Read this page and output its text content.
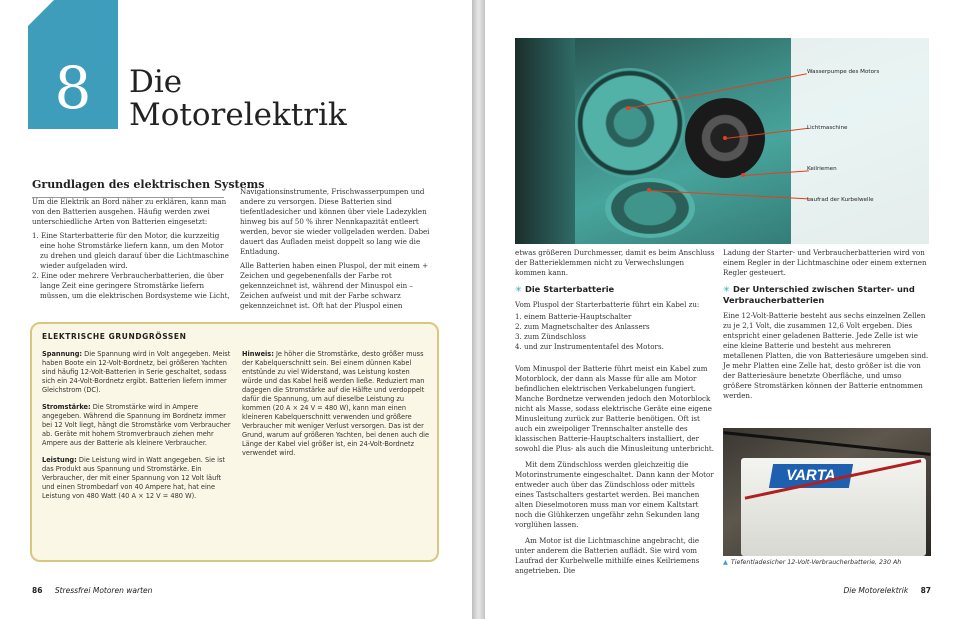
8	Die
Motorelektrik
Grundlagen des elektrischen Systems

Um die Elektrik an Bord näher zu erklären, kann man von den Batterien ausgehen. Häufig werden zwei unterschiedliche Arten von Batterien eingesetzt:

1. Eine Starterbatterie für den Motor, die kurzzeitig eine hohe Stromstärke liefern kann, um den Motor zu drehen und gleich darauf über die Lichtmaschine wieder aufgeladen wird.
2. Eine oder mehrere Verbraucherbatterien, die über lange Zeit eine geringere Stromstärke liefern müssen, um die elektrischen Bordsysteme wie Licht,

Navigationsinstrumente, Frischwasserpumpen und andere zu versorgen. Diese Batterien sind tiefentladesicher und können über viele Ladezyklen hinweg bis auf 50 % ihrer Nennkapazität entleert werden, bevor sie wieder vollgeladen werden. Dabei dauert das Aufladen meist doppelt so lang wie die Entladung.

Alle Batterien haben einen Pluspol, der mit einem + Zeichen und gegebenenfalls der Farbe rot gekennzeichnet ist, während der Minuspol ein – Zeichen aufweist und mit der Farbe schwarz gekennzeichnet ist. Oft hat der Pluspol einen

ELEKTRISCHE GRUNDGRÖSSEN

Spannung: Die Spannung wird in Volt angegeben. Meist haben Boote ein 12-Volt-Bordnetz, bei größeren Yachten sind häufig 12-Volt-Batterien in Serie geschaltet, sodass sich ein 24-Volt-Bordnetz ergibt. Batterien liefern immer Gleichstrom (DC).

Stromstärke: Die Stromstärke wird in Ampere angegeben. Während die Spannung im Bordnetz immer bei 12 Volt liegt, hängt die Stromstärke vom Verbraucher ab. Geräte mit hohem Stromverbrauch ziehen mehr Ampere aus der Batterie als kleinere Verbraucher.

Leistung: Die Leistung wird in Watt angegeben. Sie ist das Produkt aus Spannung und Stromstärke. Ein Verbraucher, der mit einer Spannung von 12 Volt läuft und einen Strombedarf von 40 Ampere hat, hat eine Leistung von 480 Watt (40 A × 12 V = 480 W).

Hinweis: Je höher die Stromstärke, desto größer muss der Kabelquerschnitt sein. Bei einem dünnen Kabel entstünde zu viel Widerstand, was Leistung kosten würde und das Kabel heiß werden ließe. Reduziert man dagegen die Stromstärke auf die Hälfte und verdoppelt dafür die Spannung, um auf dieselbe Leistung zu kommen (20 A × 24 V = 480 W), kann man einen kleineren Kabelquerschnitt verwenden und größere Verbraucher mit weniger Verlust versorgen. Das ist der Grund, warum auf größeren Yachten, bei denen auch die Länge der Kabel viel größer ist, ein 24-Volt-Bordnetz verwendet wird.

86 Stressfrei Motoren warten
Wasserpumpe des Motors
Lichtmaschine
Keilriemen
Laufrad der Kurbelwelle

etwas größeren Durchmesser, damit es beim Anschluss der Batterieklemmen nicht zu Verwechslungen kommen kann.

✳ Die Starterbatterie

Vom Pluspol der Starterbatterie führt ein Kabel zu:

1. einem Batterie-Hauptschalter
2. zum Magnetschalter des Anlassers
3. zum Zündschloss
4. und zur Instrumententafel des Motors.

Vom Minuspol der Batterie führt meist ein Kabel zum Motorblock, der dann als Masse für alle am Motor befindlichen elektrischen Verkabelungen fungiert. Manche Bordnetze verwenden jedoch den Motorblock nicht als Masse, sodass elektrische Geräte eine eigene Minusleitung zurück zur Batterie benötigen. Oft ist auch ein zweipoliger Trennschalter anstelle des klassischen Batterie-Hauptschalters installiert, der sowohl die Plus- als auch die Minusleitung unterbricht.

Mit dem Zündschloss werden gleichzeitig die Motorinstrumente eingeschaltet. Dann kann der Motor entweder auch über das Zündschloss oder mittels eines Tastschalters gestartet werden. Bei manchen alten Dieselmotoren muss man vor einem Kaltstart noch die Glühkerzen ungefähr zehn Sekunden lang vorglühen lassen.

Am Motor ist die Lichtmaschine angebracht, die unter anderem die Batterien auflädt. Sie wird vom Laufrad der Kurbelwelle mithilfe eines Keilriemens angetrieben. Die

Ladung der Starter- und Verbraucherbatterien wird von einem Regler in der Lichtmaschine oder einem externen Regler gesteuert.

✳ Der Unterschied zwischen Starter- und Verbraucherbatterien

Eine 12-Volt-Batterie besteht aus sechs einzelnen Zellen zu je 2,1 Volt, die zusammen 12,6 Volt ergeben. Dies entspricht einer geladenen Batterie. Jede Zelle ist wie eine kleine Batterie und besteht aus mehreren metallenen Platten, die von Batteriesäure umgeben sind. Je mehr Platten eine Zelle hat, desto größer ist die von der Batteriesäure benetzte Oberfläche, und umso größere Stromstärken können der Batterie entnommen werden.

VARTA
▲ Tiefentladesicher 12-Volt-Verbraucherbatterie, 230 Ah
Die Motorelektrik 87
